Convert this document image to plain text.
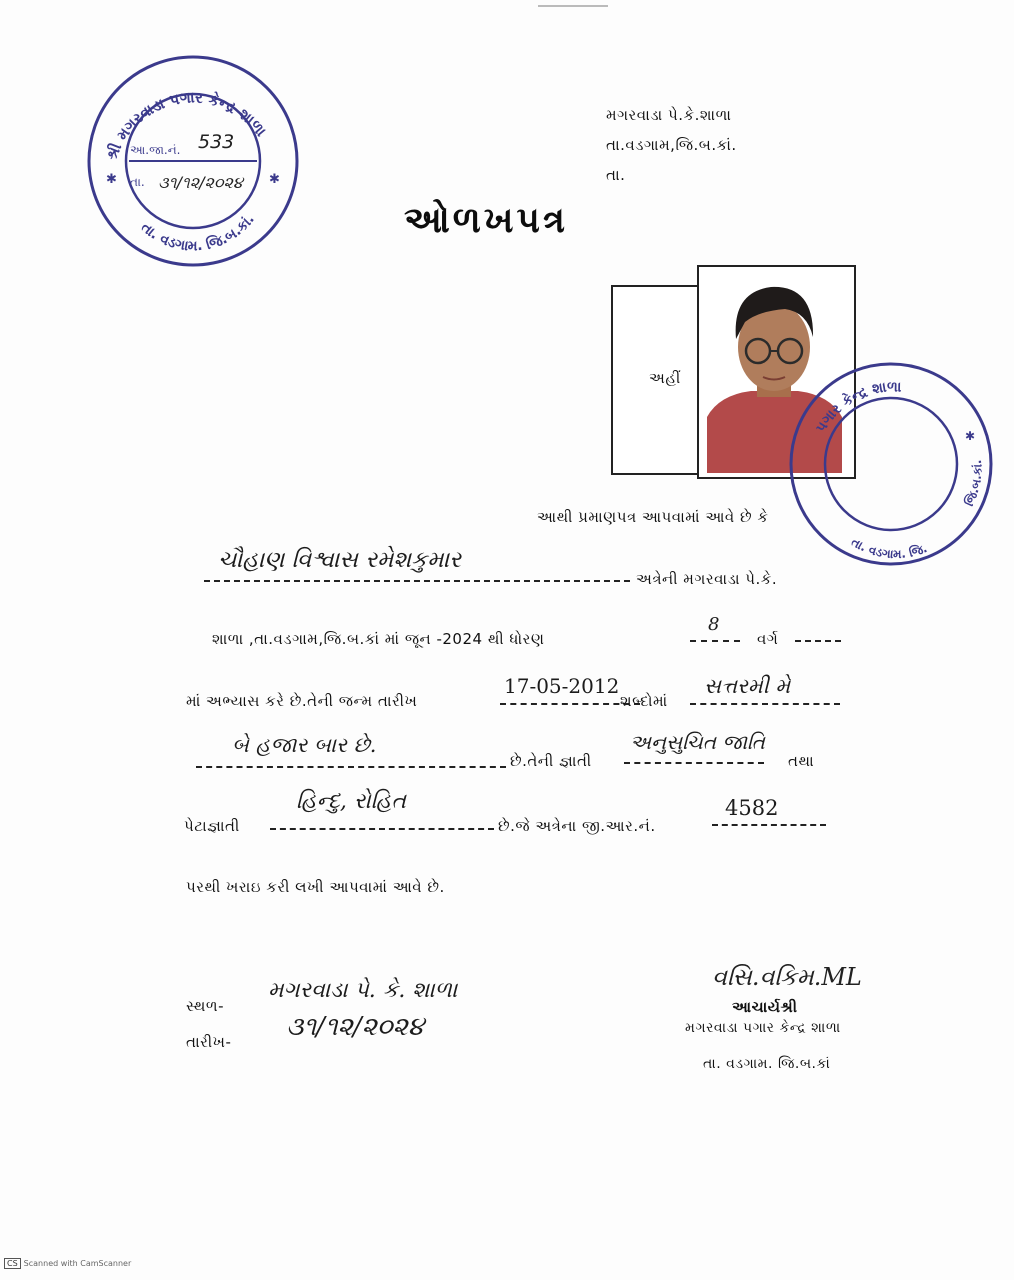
શ્રી મગરવાડા પગાર કેન્દ્ર શાળા
તા. વડગામ. જિ.બ.કાં.
✱	✱
આ.જા.નં. 533
તા. ૩૧/૧૨/૨૦૨૪
મગરવાડા પે.કે.શાળા
તા.વડગામ,જિ.બ.કાં.
તા.
ઓળખપત્ર
અહીં
પગાર કેન્દ્ર શાળા
તા. વડગામ. જિ.
જિ.બ.કાં.
✱
આથી પ્રમાણપત્ર આપવામાં આવે છે કે
ચૌહાણ વિશ્વાસ રમેશકુમાર
અત્રેની મગરવાડા પે.કે.
શાળા ,તા.વડગામ,જિ.બ.કાં માં જૂન -2024 થી ધોરણ
8
વર્ગ
માં અભ્યાસ કરે છે.તેની જન્મ તારીખ
17-05-2012
શબ્દોમાં
સત્તરમી મે
બે હજાર બાર છે.
છે.તેની જ્ઞાતી
અનુસુચિત જાતિ
તથા
પેટાજ્ઞાતી
હિન્દુ, રોહિત
છે.જે અત્રેના જી.આર.નં.
4582
પરથી ખરાઇ કરી લખી આપવામાં આવે છે.
સ્થળ-
મગરવાડા પે. કે. શાળા
તારીખ- ૩૧/૧૨/૨૦૨૪
વસિ.વકિમ.ML
આચાર્યશ્રી
મગરવાડા પગાર કેન્દ્ર શાળા
તા. વડગામ. જિ.બ.કાં
CS Scanned with CamScanner
